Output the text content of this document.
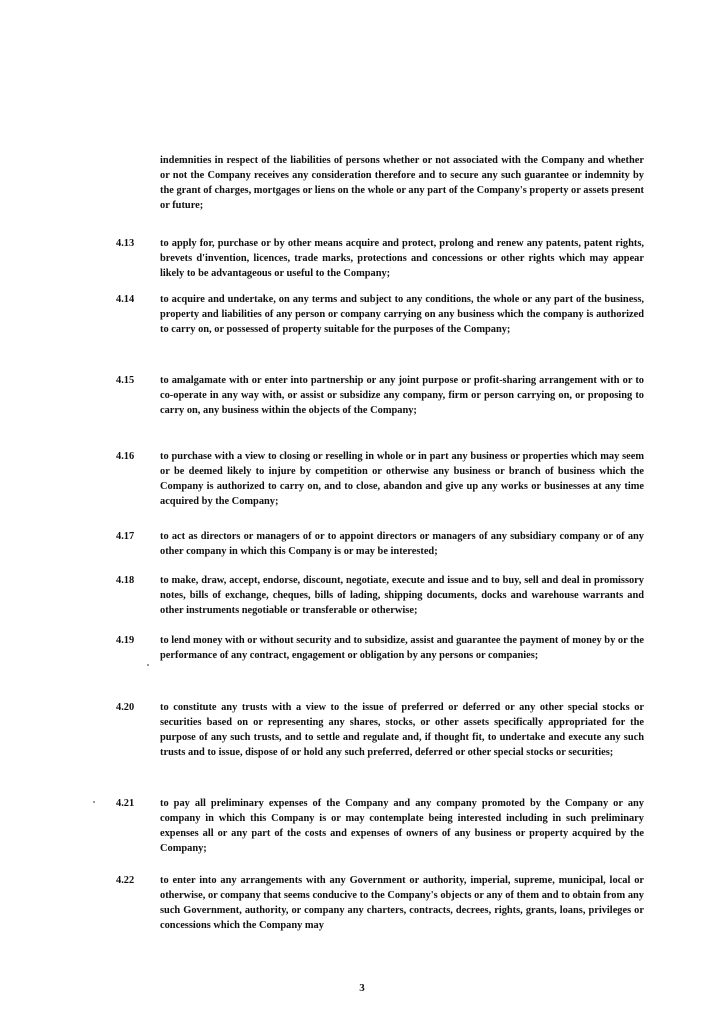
indemnities in respect of the liabilities of persons whether or not associated with the Company and whether or not the Company receives any consideration therefore and to secure any such guarantee or indemnity by the grant of charges, mortgages or liens on the whole or any part of the Company's property or assets present or future;
4.13 to apply for, purchase or by other means acquire and protect, prolong and renew any patents, patent rights, brevets d'invention, licences, trade marks, protections and concessions or other rights which may appear likely to be advantageous or useful to the Company;
4.14 to acquire and undertake, on any terms and subject to any conditions, the whole or any part of the business, property and liabilities of any person or company carrying on any business which the company is authorized to carry on, or possessed of property suitable for the purposes of the Company;
4.15 to amalgamate with or enter into partnership or any joint purpose or profit-sharing arrangement with or to co-operate in any way with, or assist or subsidize any company, firm or person carrying on, or proposing to carry on, any business within the objects of the Company;
4.16 to purchase with a view to closing or reselling in whole or in part any business or properties which may seem or be deemed likely to injure by competition or otherwise any business or branch of business which the Company is authorized to carry on, and to close, abandon and give up any works or businesses at any time acquired by the Company;
4.17 to act as directors or managers of or to appoint directors or managers of any subsidiary company or of any other company in which this Company is or may be interested;
4.18 to make, draw, accept, endorse, discount, negotiate, execute and issue and to buy, sell and deal in promissory notes, bills of exchange, cheques, bills of lading, shipping documents, docks and warehouse warrants and other instruments negotiable or transferable or otherwise;
4.19 to lend money with or without security and to subsidize, assist and guarantee the payment of money by or the performance of any contract, engagement or obligation by any persons or companies;
4.20 to constitute any trusts with a view to the issue of preferred or deferred or any other special stocks or securities based on or representing any shares, stocks, or other assets specifically appropriated for the purpose of any such trusts, and to settle and regulate and, if thought fit, to undertake and execute any such trusts and to issue, dispose of or hold any such preferred, deferred or other special stocks or securities;
4.21 to pay all preliminary expenses of the Company and any company promoted by the Company or any company in which this Company is or may contemplate being interested including in such preliminary expenses all or any part of the costs and expenses of owners of any business or property acquired by the Company;
4.22 to enter into any arrangements with any Government or authority, imperial, supreme, municipal, local or otherwise, or company that seems conducive to the Company's objects or any of them and to obtain from any such Government, authority, or company any charters, contracts, decrees, rights, grants, loans, privileges or concessions which the Company may
3
